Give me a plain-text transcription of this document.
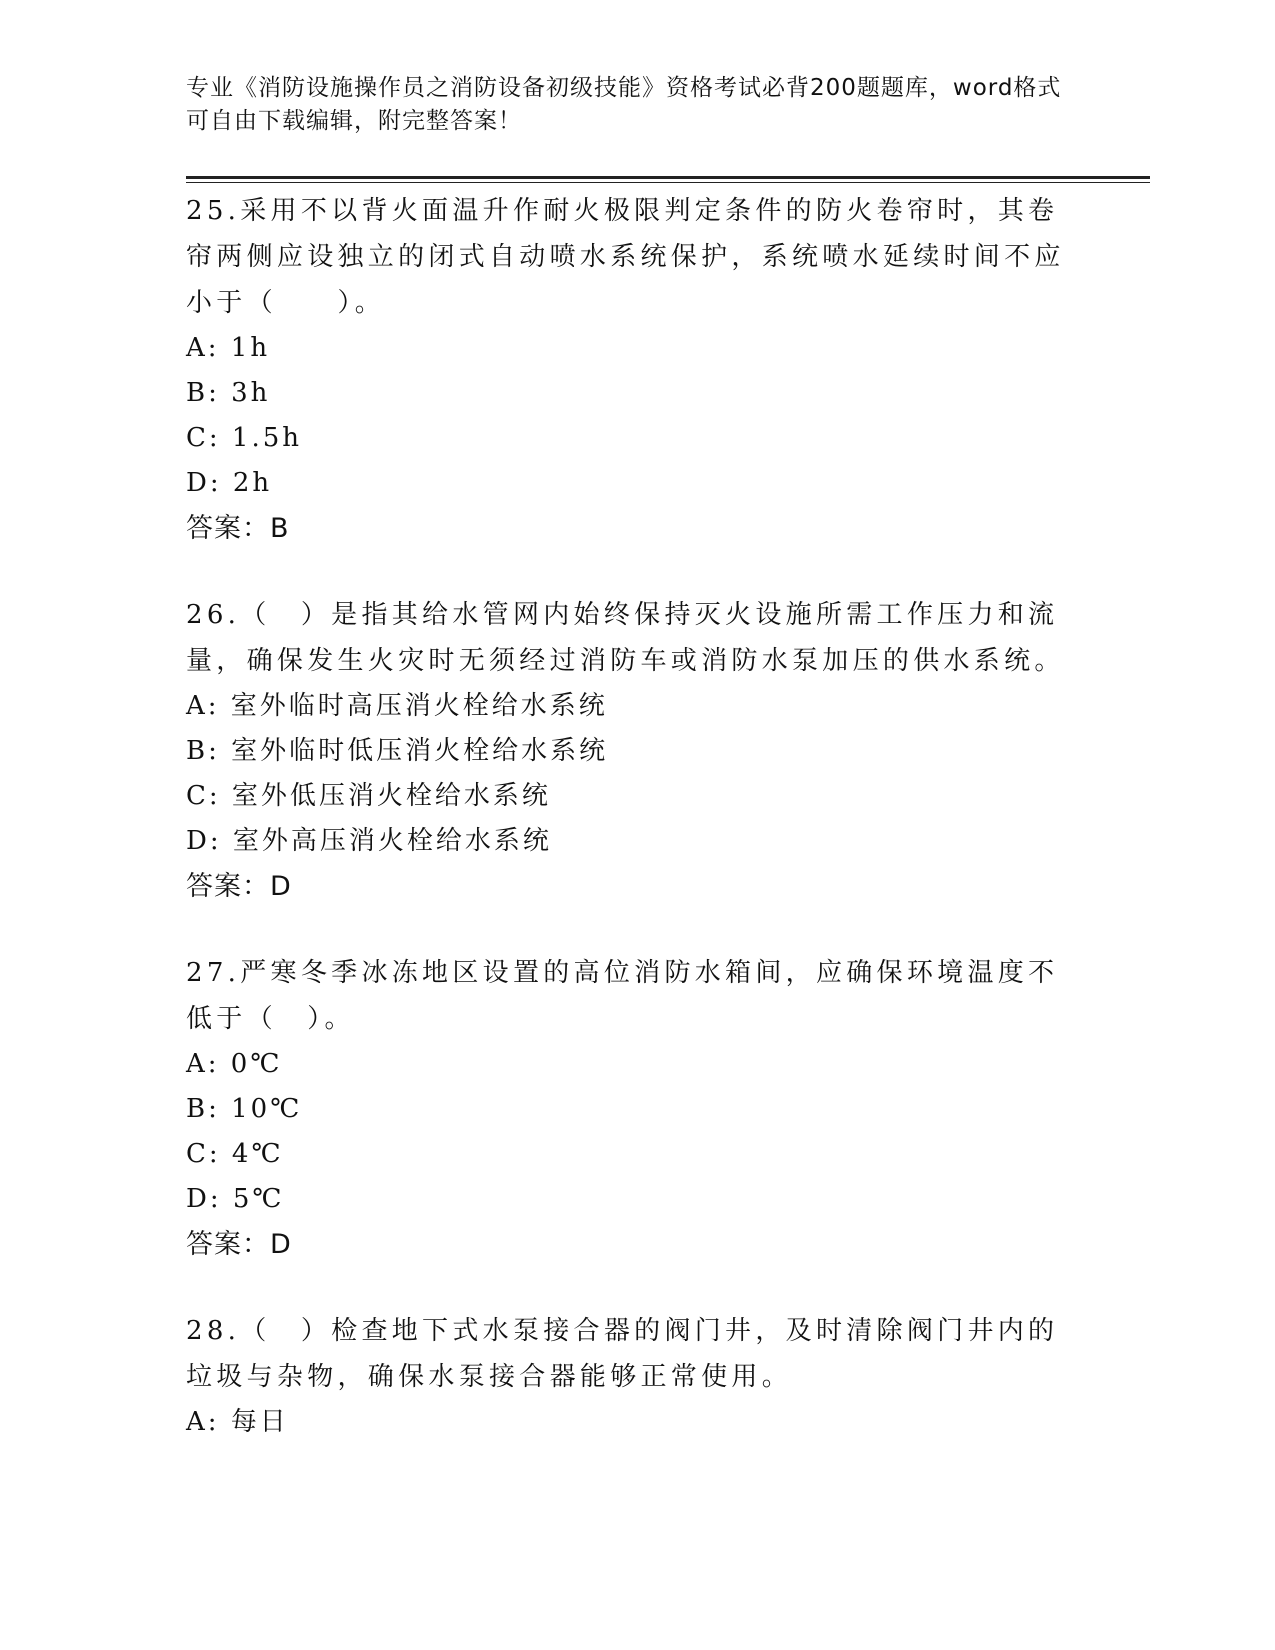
专业《消防设施操作员之消防设备初级技能》资格考试必背200题题库，word格式可自由下载编辑，附完整答案！

25.采用不以背火面温升作耐火极限判定条件的防火卷帘时，其卷帘两侧应设独立的闭式自动喷水系统保护，系统喷水延续时间不应小于（　　）。

A: 1h

B: 3h

C: 1.5h

D: 2h

答案：B

26.（　）是指其给水管网内始终保持灭火设施所需工作压力和流量，确保发生火灾时无须经过消防车或消防水泵加压的供水系统。

A: 室外临时高压消火栓给水系统

B: 室外临时低压消火栓给水系统

C: 室外低压消火栓给水系统

D: 室外高压消火栓给水系统

答案：D

27.严寒冬季冰冻地区设置的高位消防水箱间，应确保环境温度不低于（　）。

A: 0℃

B: 10℃

C: 4℃

D: 5℃

答案：D

28.（　）检查地下式水泵接合器的阀门井，及时清除阀门井内的垃圾与杂物，确保水泵接合器能够正常使用。

A: 每日
